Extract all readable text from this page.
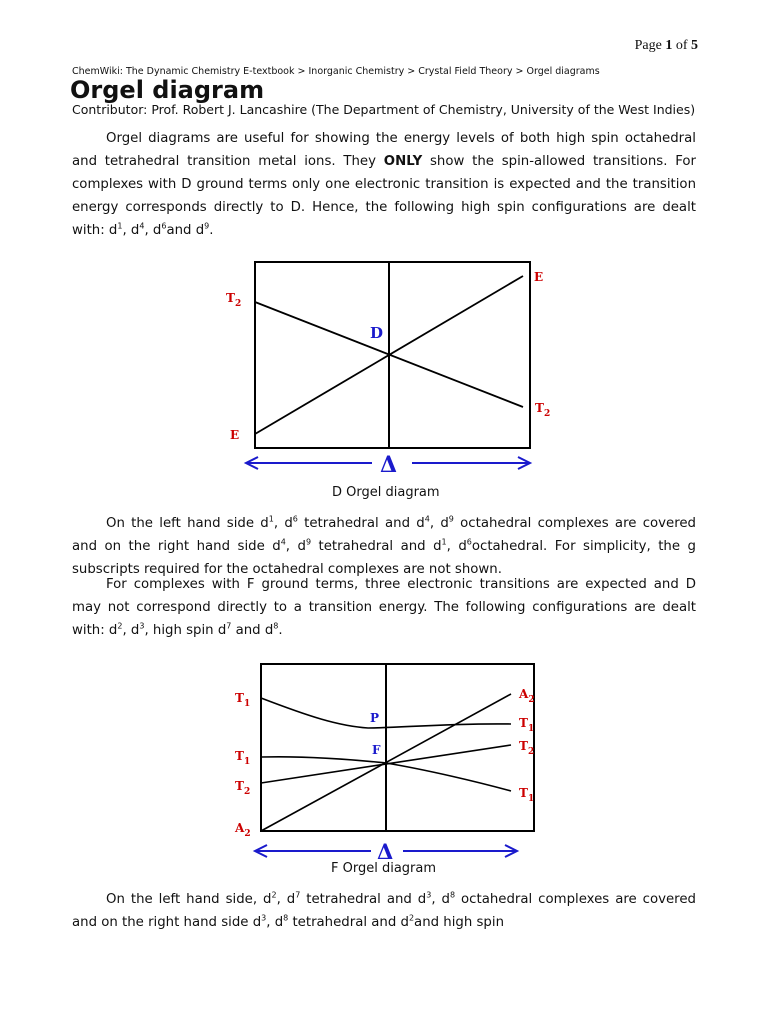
Page 1 of 5
ChemWiki: The Dynamic Chemistry E-textbook > Inorganic Chemistry > Crystal Field Theory > Orgel diagrams
Orgel diagram
Contributor: Prof. Robert J. Lancashire (The Department of Chemistry, University of the West Indies)

Orgel diagrams are useful for showing the energy levels of both high spin octahedral and tetrahedral transition metal ions. They ONLY show the spin-allowed transitions. For complexes with D ground terms only one electronic transition is expected and the transition energy corresponds directly to D. Hence, the following high spin configurations are dealt with: $d^1$, $d^4$, $d^6and$ $d^9$.

D
$T_2$
E
E
$T_2$
Δ
D Orgel diagram

On the left hand side $d^1$, $d^6$ tetrahedral and $d^4$, $d^9$ octahedral complexes are covered and on the right hand side $d^4$, $d^9$ tetrahedral and $d^1$, $d^6octahedral$. For simplicity, the g subscripts required for the octahedral complexes are not shown.

For complexes with F ground terms, three electronic transitions are expected and D may not correspond directly to a transition energy. The following configurations are dealt with: $d^2$, $d^3$, high spin $d^7$ and $d^8$.

P
F
$T_1$
$T_1$
$T_2$
$A_2$
$A_2$
$T_1$
$T_2$
$T_1$
Δ
F Orgel diagram

On the left hand side, $d^2$, $d^7$ tetrahedral and $d^3$, $d^8$ octahedral complexes are covered and on the right hand side $d^3$, $d^8$ tetrahedral and $d^2and$ high spin
